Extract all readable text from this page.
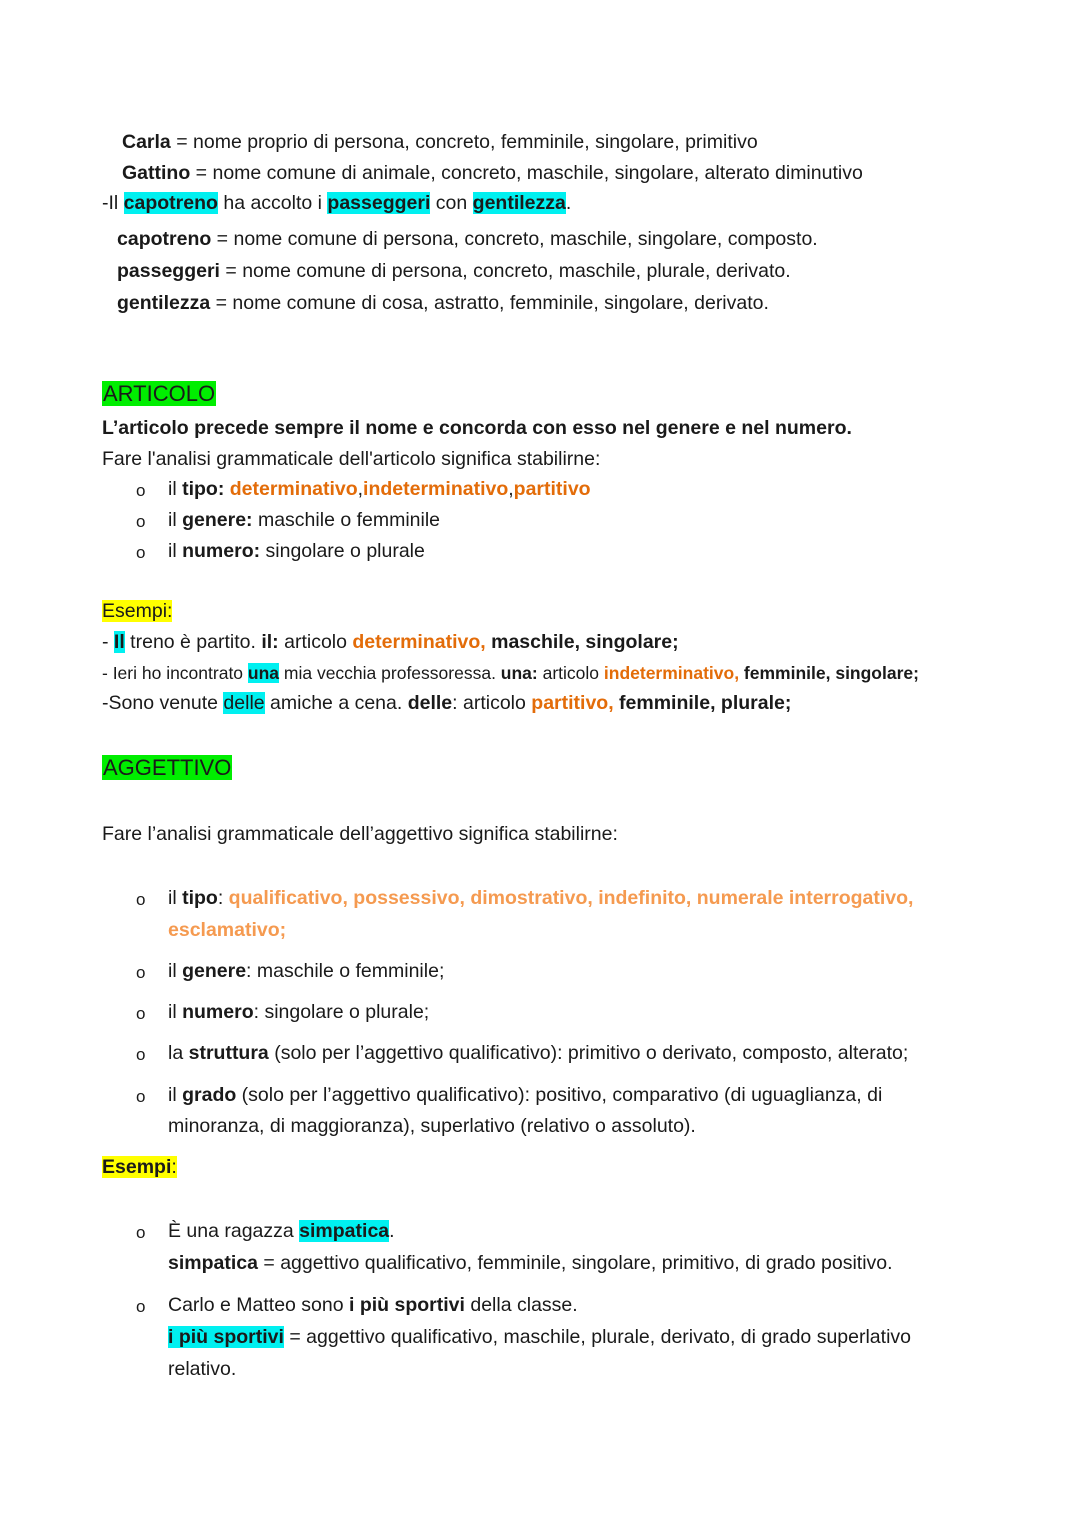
Carla = nome proprio di persona, concreto, femminile, singolare, primitivo
Gattino = nome comune di animale, concreto, maschile, singolare, alterato diminutivo
-Il capotreno ha accolto i passeggeri con gentilezza.
capotreno = nome comune di persona, concreto, maschile, singolare, composto.
passeggeri = nome comune di persona, concreto, maschile, plurale, derivato.
gentilezza = nome comune di cosa, astratto, femminile, singolare, derivato.
ARTICOLO
L’articolo precede sempre il nome e concorda con esso nel genere e nel numero.
Fare l'analisi grammaticale dell'articolo significa stabilirne:
o il tipo: determinativo,indeterminativo,partitivo
o il genere: maschile o femminile
o il numero: singolare o plurale
Esempi:
- Il treno è partito. il: articolo determinativo, maschile, singolare;
- Ieri ho incontrato una mia vecchia professoressa. una: articolo indeterminativo, femminile, singolare;
-Sono venute delle amiche a cena. delle: articolo partitivo, femminile, plurale;
AGGETTIVO
Fare l’analisi grammaticale dell’aggettivo significa stabilirne:
o il tipo: qualificativo, possessivo, dimostrativo, indefinito, numerale interrogativo,
esclamativo;
o il genere: maschile o femminile;
o il numero: singolare o plurale;
o la struttura (solo per l’aggettivo qualificativo): primitivo o derivato, composto, alterato;
o il grado (solo per l’aggettivo qualificativo): positivo, comparativo (di uguaglianza, di
minoranza, di maggioranza), superlativo (relativo o assoluto).
Esempi:
o È una ragazza simpatica.
simpatica = aggettivo qualificativo, femminile, singolare, primitivo, di grado positivo.
o Carlo e Matteo sono i più sportivi della classe.
i più sportivi = aggettivo qualificativo, maschile, plurale, derivato, di grado superlativo
relativo.
